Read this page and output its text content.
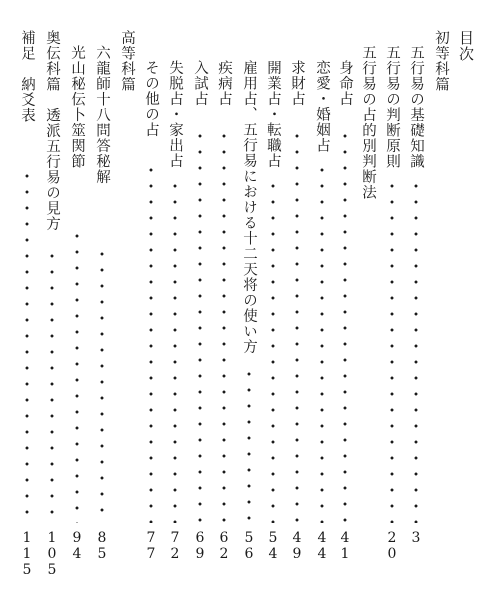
目次
初等科篇
五行易の基礎知識
3
五行易の判断原則
20
五行易の占的別判断法
身命占
41
恋愛・婚姻占
44
求財占
49
開業占・転職占
54
雇用占、五行易における十二天将の使い方
56
疾病占
62
入試占
69
失脱占・家出占
72
その他の占
77
高等科篇
六龍師十八問答秘解
85
光山秘伝卜筮関節
94
奥伝科篇　透派五行易の見方
105
補足　納爻表
115
